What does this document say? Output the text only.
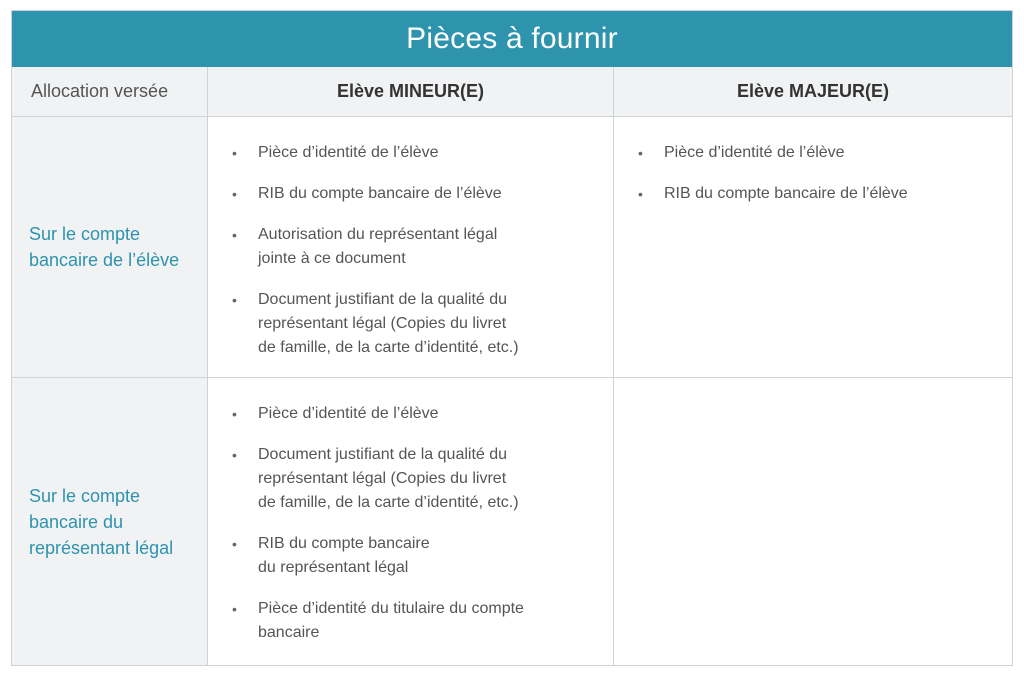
Pièces à fournir
Allocation versée	Elève MINEUR(E)	Elève MAJEUR(E)
Sur le compte
bancaire de l’élève
• Pièce d’identité de l’élève
• RIB du compte bancaire de l’élève
• Autorisation du représentant légal
jointe à ce document
• Document justifiant de la qualité du
représentant légal (Copies du livret
de famille, de la carte d’identité, etc.)
• Pièce d’identité de l’élève
• RIB du compte bancaire de l’élève
Sur le compte
bancaire du
représentant légal
• Pièce d’identité de l’élève
• Document justifiant de la qualité du
représentant légal (Copies du livret
de famille, de la carte d’identité, etc.)
• RIB du compte bancaire
du représentant légal
• Pièce d’identité du titulaire du compte
bancaire
